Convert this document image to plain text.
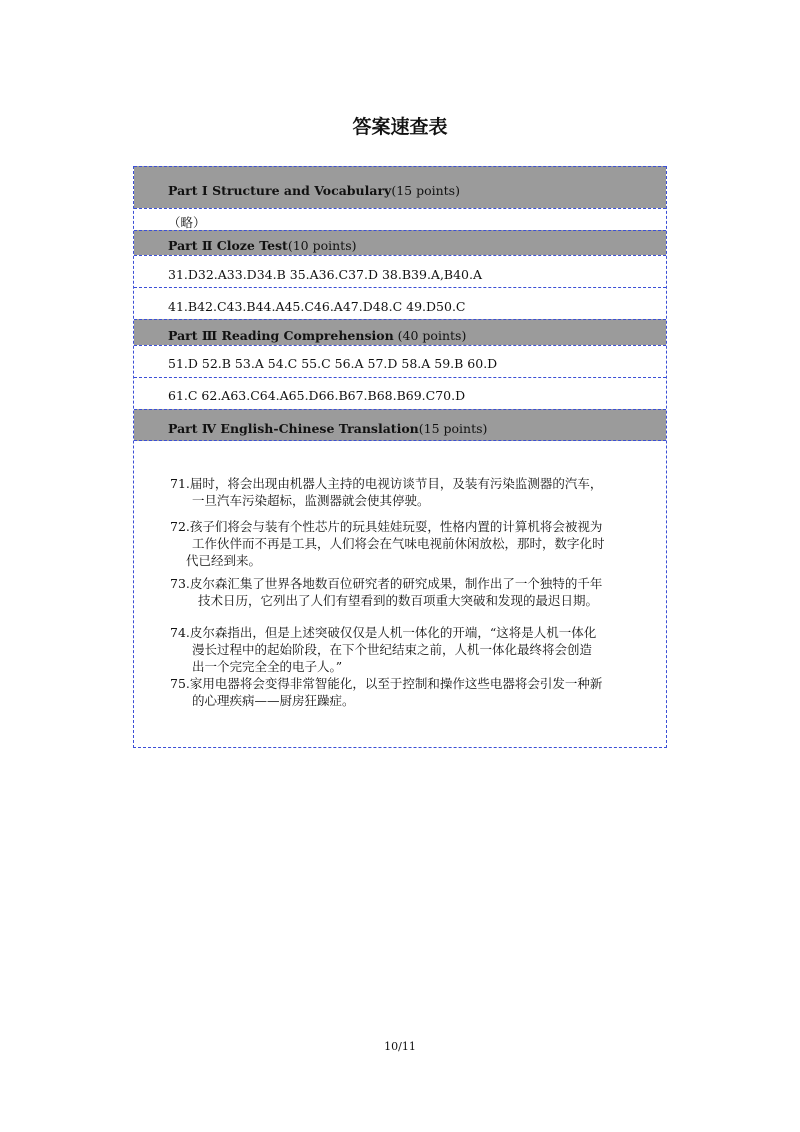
答案速查表
Part Ⅰ Structure and Vocabulary(15 points)
（略）
Part Ⅱ Cloze Test(10 points)
31.D32.A33.D34.B 35.A36.C37.D 38.B39.A,B40.A
41.B42.C43.B44.A45.C46.A47.D48.C 49.D50.C
Part Ⅲ Reading Comprehension (40 points)
51.D 52.B 53.A 54.C 55.C 56.A 57.D 58.A 59.B 60.D
61.C 62.A63.C64.A65.D66.B67.B68.B69.C70.D
Part Ⅳ English-Chinese Translation(15 points)
71.届时，将会出现由机器人主持的电视访谈节目，及装有污染监测器的汽车，
一旦汽车污染超标，监测器就会使其停驶。
72.孩子们将会与装有个性芯片的玩具娃娃玩耍，性格内置的计算机将会被视为
工作伙伴而不再是工具，人们将会在气味电视前休闲放松，那时，数字化时
代已经到来。
73.皮尔森汇集了世界各地数百位研究者的研究成果，制作出了一个独特的千年
技术日历，它列出了人们有望看到的数百项重大突破和发现的最迟日期。
74.皮尔森指出，但是上述突破仅仅是人机一体化的开端，“这将是人机一体化
漫长过程中的起始阶段，在下个世纪结束之前，人机一体化最终将会创造
出一个完完全全的电子人。”
75.家用电器将会变得非常智能化，以至于控制和操作这些电器将会引发一种新
的心理疾病——厨房狂躁症。
10/11
